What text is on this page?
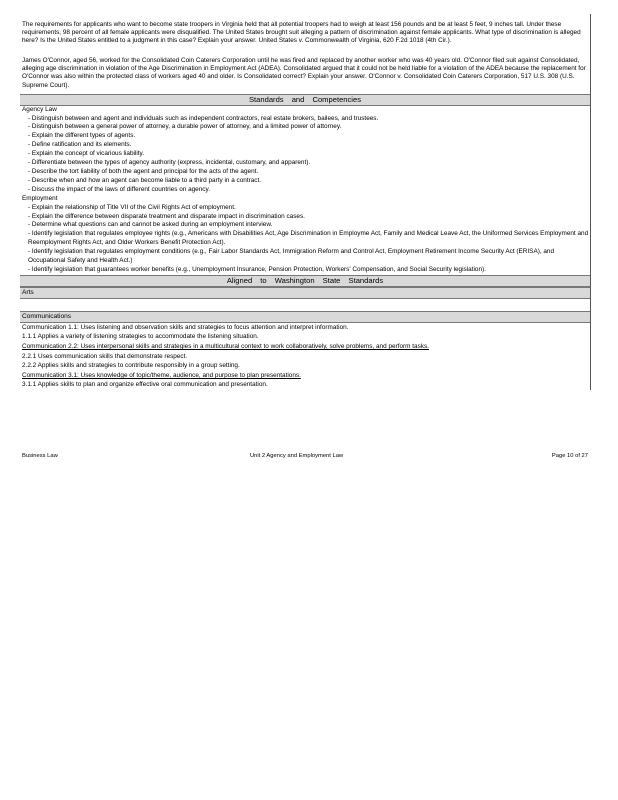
The requirements for applicants who want to become state troopers in Virginia held that all potential troopers had to weigh at least 156 pounds and be at least 5 feet, 9 inches tall. Under these requirements, 98 percent of all female applicants were disqualified. The United States brought suit alleging a pattern of discrimination against female applicants. What type of discrimination is alleged here? Is the United States entitled to a judgment in this case? Explain your answer. United States v. Commonwealth of Virginia, 620 F.2d 1018 (4th Cir.).

James O'Connor, aged 56, worked for the Consolidated Coin Caterers Corporation until he was fired and replaced by another worker who was 40 years old. O'Connor filed suit against Consolidated, alleging age discrimination in violation of the Age Discrimination in Employment Act (ADEA). Consolidated argued that it could not be held liable for a violation of the ADEA because the replacement for O'Connor was also within the protected class of workers aged 40 and older. Is Consolidated correct? Explain your answer. O'Connor v. Consolidated Coin Caterers Corporation, 517 U.S. 308 (U.S. Supreme Court).

Standards and Competencies
Agency Law
- Distinguish between and agent and individuals such as independent contractors, real estate brokers, bailees, and trustees.
- Distinguish between a general power of attorney, a durable power of attorney, and a limited power of attorney.
- Explain the different types of agents.
- Define ratification and its elements.
- Explain the concept of vicarious liability.
- Differentiate between the types of agency authority (express, incidental, customary, and apparent).
- Describe the tort liability of both the agent and principal for the acts of the agent.
- Describe when and how an agent can become liable to a third party in a contract.
- Discuss the impact of the laws of different countries on agency.
Employment
- Explain the relationship of Title VII of the Civil Rights Act of employment.
- Explain the difference between disparate treatment and disparate impact in discrimination cases.
- Determine what questions can and cannot be asked during an employment interview.
- Identify legislation that regulates employee rights (e.g., Americans with Disabilities Act, Age Discrimination in Employme Act, Family and Medical Leave Act, the Uniformed Services Employment and Reemployment Rights Act, and Older Workers Benefit Protection Act).
- Identify legislation that regulates employment conditions (e.g., Fair Labor Standards Act, Immigration Reform and Control Act, Employment Retirement Income Security Act (ERISA), and Occupational Safety and Health Act.)
- Identify legislation that guarantees worker benefits (e.g., Unemployment Insurance, Pension Protection, Workers' Compensation, and Social Security legislation).
Aligned to Washington State Standards
Arts
Communications
Communication 1.1: Uses listening and observation skills and strategies to focus attention and interpret information.
1.1.1 Applies a variety of listening strategies to accommodate the listening situation.
Communication 2.2: Uses interpersonal skills and strategies in a multicultural context to work collaboratively, solve problems, and perform tasks.
2.2.1 Uses communication skills that demonstrate respect.
2.2.2 Applies skills and strategies to contribute responsibly in a group setting.
Communication 3.1: Uses knowledge of topic/theme, audience, and purpose to plan presentations.
3.1.1 Applies skills to plan and organize effective oral communication and presentation.
Business Law	Unit 2 Agency and Employment Law	Page 10 of 27
